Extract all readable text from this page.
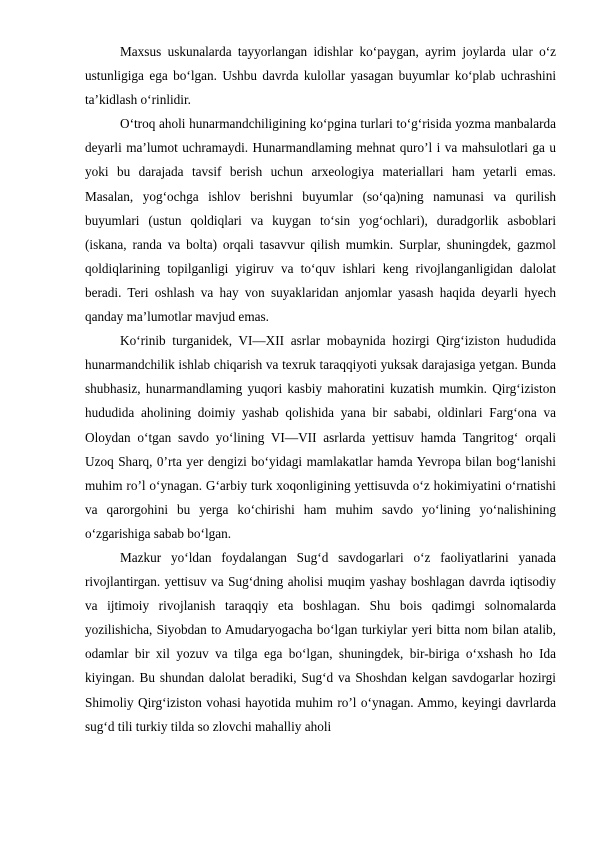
Maxsus uskunalarda tayyorlangan idishlar ko‘paygan, ayrim joylarda ular o‘z ustunligiga ega bo‘lgan. Ushbu davrda kulollar yasagan buyumlar ko‘plab uchrashini ta’kidlash o‘rinlidir.

O‘troq aholi hunarmandchiligining ko‘pgina turlari to‘g‘risida yozma manbalarda deyarli ma’lumot uchramaydi. Hunarmandlaming mehnat quro’l i va mahsulotlari ga u yoki bu darajada tavsif berish uchun arxeologiya materiallari ham yetarli emas. Masalan, yog‘ochga ishlov berishni buyumlar (so‘qa)ning namunasi va qurilish buyumlari (ustun qoldiqlari va kuygan to‘sin yog‘ochlari), duradgorlik asboblari (iskana, randa va bolta) orqali tasavvur qilish mumkin. Surplar, shuningdek, gazmol qoldiqlarining topilganligi yigiruv va to‘quv ishlari keng rivojlanganligidan dalolat beradi. Teri oshlash va hay von suyaklaridan anjomlar yasash haqida deyarli hyech qanday ma’lumotlar mavjud emas.

Ko‘rinib turganidek, VI—XII asrlar mobaynida hozirgi Qirg‘iziston hududida hunarmandchilik ishlab chiqarish va texruk taraqqiyoti yuksak darajasiga yetgan. Bunda shubhasiz, hunarmandlaming yuqori kasbiy mahoratini kuzatish mumkin. Qirg‘iziston hududida aholining doimiy yashab qolishida yana bir sababi, oldinlari Farg‘ona va Oloydan o‘tgan savdo yo‘lining VI—VII asrlarda yettisuv hamda Tangritog‘ orqali Uzoq Sharq, 0’rta yer dengizi bo‘yidagi mamlakatlar hamda Yevropa bilan bog‘lanishi muhim ro’l o‘ynagan. G‘arbiy turk xoqonligining yettisuvda o‘z hokimiyatini o‘rnatishi va qarorgohini bu yerga ko‘chirishi ham muhim savdo yo‘lining yo‘nalishining o‘zgarishiga sabab bo‘lgan.

Mazkur yo‘ldan foydalangan Sug‘d savdogarlari o‘z faoliyatlarini yanada rivojlantirgan. yettisuv va Sug‘dning aholisi muqim yashay boshlagan davrda iqtisodiy va ijtimoiy rivojlanish taraqqiy eta boshlagan. Shu bois qadimgi solnomalarda yozilishicha, Siyobdan to Amudaryogacha bo‘lgan turkiylar yeri bitta nom bilan atalib, odamlar bir xil yozuv va tilga ega bo‘lgan, shuningdek, bir-biriga o‘xshash ho Ida kiyingan. Bu shundan dalolat beradiki, Sug‘d va Shoshdan kelgan savdogarlar hozirgi Shimoliy Qirg‘iziston vohasi hayotida muhim ro’l o‘ynagan. Ammo, keyingi davrlarda sug‘d tili turkiy tilda so zlovchi mahalliy aholi
